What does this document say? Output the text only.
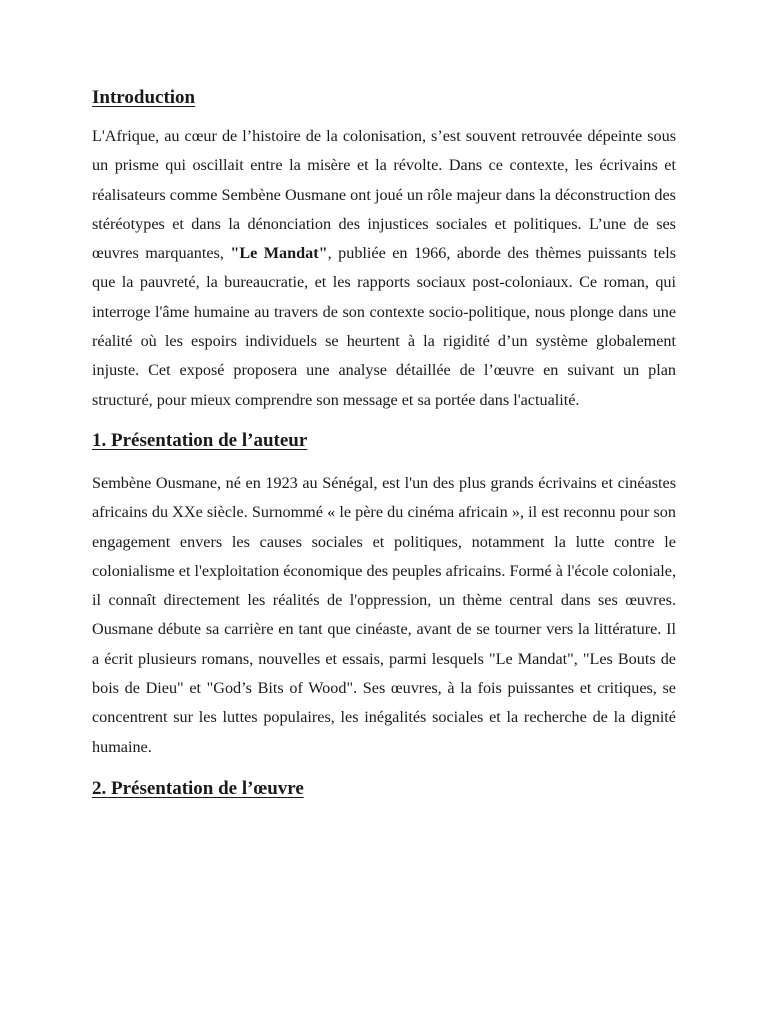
Introduction

L'Afrique, au cœur de l’histoire de la colonisation, s’est souvent retrouvée dépeinte sous un prisme qui oscillait entre la misère et la révolte. Dans ce contexte, les écrivains et réalisateurs comme Sembène Ousmane ont joué un rôle majeur dans la déconstruction des stéréotypes et dans la dénonciation des injustices sociales et politiques. L’une de ses œuvres marquantes, "Le Mandat", publiée en 1966, aborde des thèmes puissants tels que la pauvreté, la bureaucratie, et les rapports sociaux post-coloniaux. Ce roman, qui interroge l'âme humaine au travers de son contexte socio-politique, nous plonge dans une réalité où les espoirs individuels se heurtent à la rigidité d’un système globalement injuste. Cet exposé proposera une analyse détaillée de l’œuvre en suivant un plan structuré, pour mieux comprendre son message et sa portée dans l'actualité.

1. Présentation de l’auteur

Sembène Ousmane, né en 1923 au Sénégal, est l'un des plus grands écrivains et cinéastes africains du XXe siècle. Surnommé « le père du cinéma africain », il est reconnu pour son engagement envers les causes sociales et politiques, notamment la lutte contre le colonialisme et l'exploitation économique des peuples africains. Formé à l'école coloniale, il connaît directement les réalités de l'oppression, un thème central dans ses œuvres. Ousmane débute sa carrière en tant que cinéaste, avant de se tourner vers la littérature. Il a écrit plusieurs romans, nouvelles et essais, parmi lesquels "Le Mandat", "Les Bouts de bois de Dieu" et "God’s Bits of Wood". Ses œuvres, à la fois puissantes et critiques, se concentrent sur les luttes populaires, les inégalités sociales et la recherche de la dignité humaine.

2. Présentation de l’œuvre
